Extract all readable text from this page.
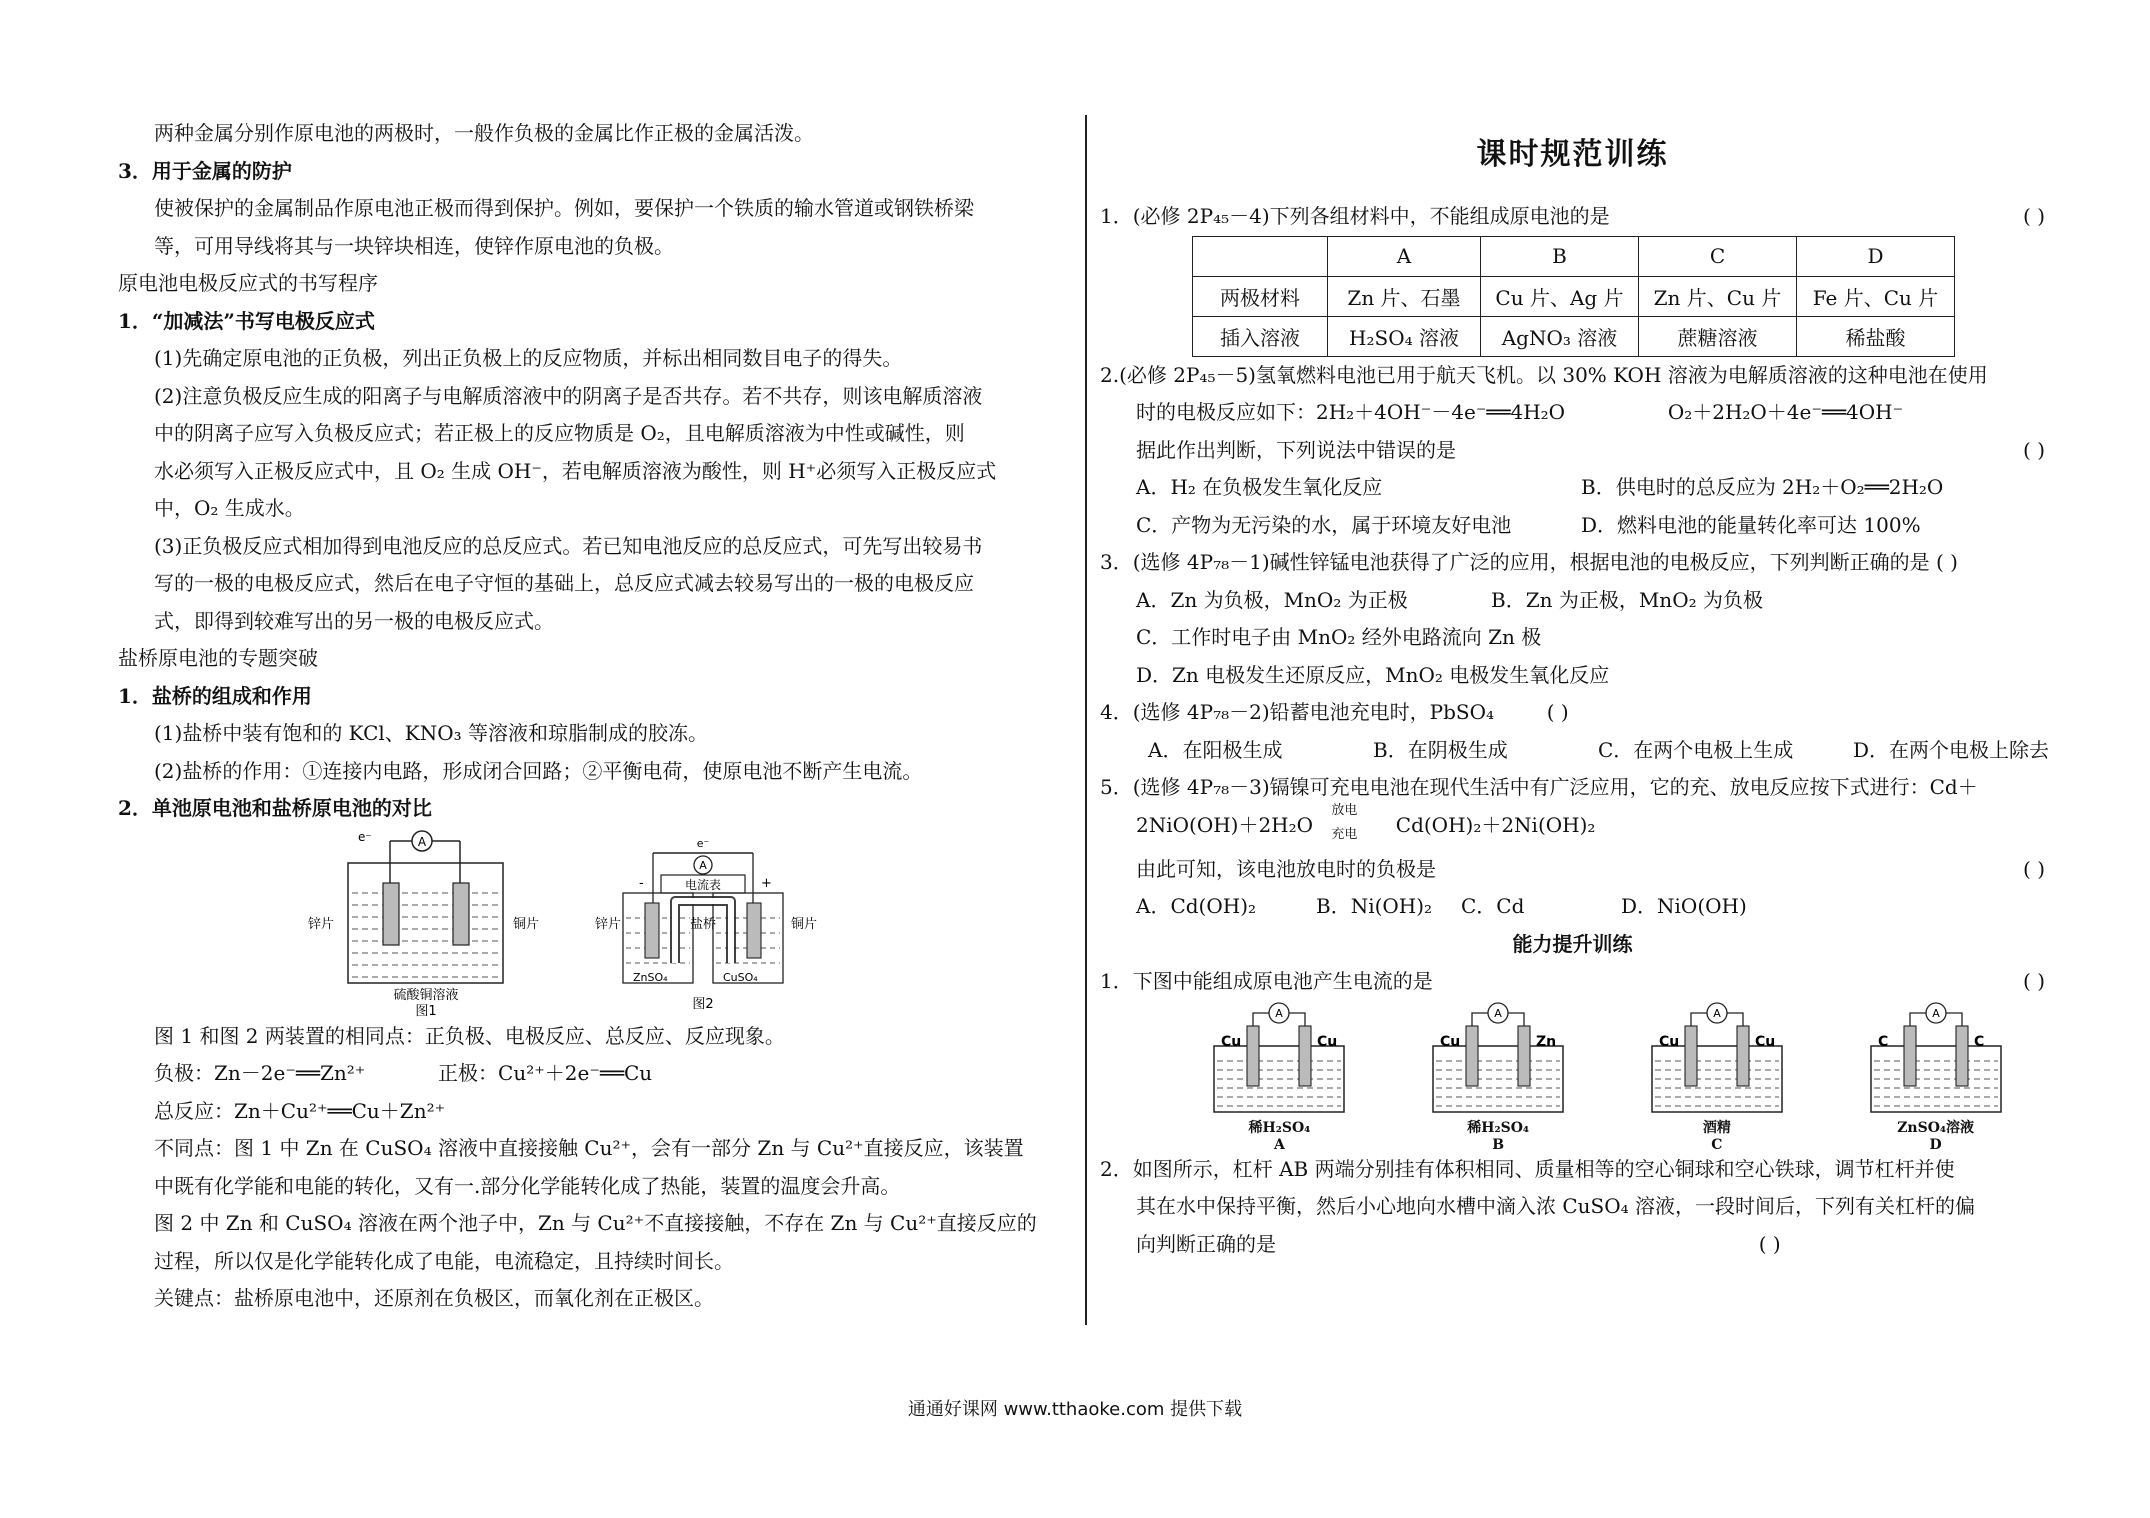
两种金属分别作原电池的两极时，一般作负极的金属比作正极的金属活泼。
3．用于金属的防护
使被保护的金属制品作原电池正极而得到保护。例如，要保护一个铁质的输水管道或钢铁桥梁
等，可用导线将其与一块锌块相连，使锌作原电池的负极。
原电池电极反应式的书写程序
1．“加减法”书写电极反应式
(1)先确定原电池的正负极，列出正负极上的反应物质，并标出相同数目电子的得失。
(2)注意负极反应生成的阳离子与电解质溶液中的阴离子是否共存。若不共存，则该电解质溶液
中的阴离子应写入负极反应式；若正极上的反应物质是 O₂，且电解质溶液为中性或碱性，则
水必须写入正极反应式中，且 O₂ 生成 OH⁻，若电解质溶液为酸性，则 H⁺必须写入正极反应式
中，O₂ 生成水。
(3)正负极反应式相加得到电池反应的总反应式。若已知电池反应的总反应式，可先写出较易书
写的一极的电极反应式，然后在电子守恒的基础上，总反应式减去较易写出的一极的电极反应
式，即得到较难写出的另一极的电极反应式。
盐桥原电池的专题突破
1．盐桥的组成和作用
(1)盐桥中装有饱和的 KCl、KNO₃ 等溶液和琼脂制成的胶冻。
(2)盐桥的作用：①连接内电路，形成闭合回路；②平衡电荷，使原电池不断产生电流。
2．单池原电池和盐桥原电池的对比
A
e⁻
锌片	铜片
硫酸铜溶液
图1
e⁻
A
电流表
-	+
盐桥
锌片	铜片
ZnSO₄	CuSO₄
图2
图 1 和图 2 两装置的相同点：正负极、电极反应、总反应、反应现象。
负极：Zn－2e⁻══Zn²⁺	正极：Cu²⁺＋2e⁻══Cu
总反应：Zn＋Cu²⁺══Cu＋Zn²⁺
不同点：图 1 中 Zn 在 CuSO₄ 溶液中直接接触 Cu²⁺，会有一部分 Zn 与 Cu²⁺直接反应，该装置
中既有化学能和电能的转化，又有一.部分化学能转化成了热能，装置的温度会升高。
图 2 中 Zn 和 CuSO₄ 溶液在两个池子中，Zn 与 Cu²⁺不直接接触，不存在 Zn 与 Cu²⁺直接反应的
过程，所以仅是化学能转化成了电能，电流稳定，且持续时间长。
关键点：盐桥原电池中，还原剂在负极区，而氧化剂在正极区。
课时规范训练
1．(必修 2P₄₅－4)下列各组材料中，不能组成原电池的是	( )
	A	B	C	D
两极材料	Zn 片、石墨	Cu 片、Ag 片	Zn 片、Cu 片	Fe 片、Cu 片
插入溶液	H₂SO₄ 溶液	AgNO₃ 溶液	蔗糖溶液	稀盐酸
2.(必修 2P₄₅－5)氢氧燃料电池已用于航天飞机。以 30% KOH 溶液为电解质溶液的这种电池在使用
时的电极反应如下：2H₂＋4OH⁻－4e⁻══4H₂O	O₂＋2H₂O＋4e⁻══4OH⁻
据此作出判断，下列说法中错误的是	( )
A．H₂ 在负极发生氧化反应	B．供电时的总反应为 2H₂＋O₂══2H₂O
C．产物为无污染的水，属于环境友好电池	D．燃料电池的能量转化率可达 100%
3．(选修 4P₇₈－1)碱性锌锰电池获得了广泛的应用，根据电池的电极反应，下列判断正确的是 ( )
A．Zn 为负极，MnO₂ 为正极	B．Zn 为正极，MnO₂ 为负极
C．工作时电子由 MnO₂ 经外电路流向 Zn 极
D．Zn 电极发生还原反应，MnO₂ 电极发生氧化反应
4．(选修 4P₇₈－2)铅蓄电池充电时，PbSO₄	( )
A．在阳极生成	B．在阴极生成	C．在两个电极上生成	D．在两个电极上除去
5．(选修 4P₇₈－3)镉镍可充电电池在现代生活中有广泛应用，它的充、放电反应按下式进行：Cd＋
2NiO(OH)＋2H₂O
放电
充电 Cd(OH)₂＋2Ni(OH)₂
由此可知，该电池放电时的负极是	( )
A．Cd(OH)₂	B．Ni(OH)₂ C．Cd	D．NiO(OH)
能力提升训练
1．下图中能组成原电池产生电流的是	( )
A
Cu	Cu
稀H₂SO₄
A
A
Cu	Zn
稀H₂SO₄
B
A
Cu	Cu
酒精
C
A
C	C
ZnSO₄溶液
D
2．如图所示，杠杆 AB 两端分别挂有体积相同、质量相等的空心铜球和空心铁球，调节杠杆并使
其在水中保持平衡，然后小心地向水槽中滴入浓 CuSO₄ 溶液，一段时间后，下列有关杠杆的偏
向判断正确的是	( )
通通好课网 www.tthaoke.com 提供下载
